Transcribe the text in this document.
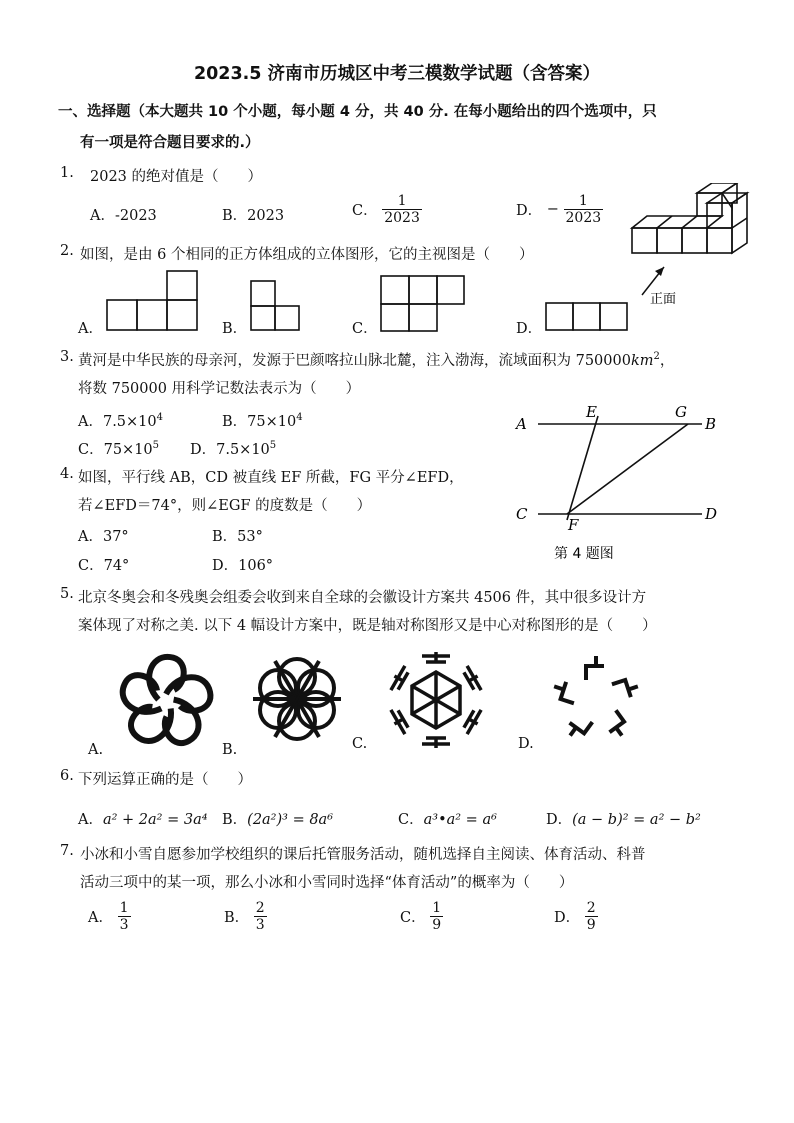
2023.5 济南市历城区中考三模数学试题（含答案）
一、选择题（本大题共 10 个小题，每小题 4 分，共 40 分. 在每小题给出的四个选项中，只
有一项是符合题目要求的.）
1. 2023 的绝对值是（　　）
A．-2023	B．2023	C． $\frac{1}{2023}$	D． − $\frac{1}{2023}$
正面
2. 如图，是由 6 个相同的正方体组成的立体图形，它的主视图是（　　）
A．	B．	C．	D．
3. 黄河是中华民族的母亲河，发源于巴颜喀拉山脉北麓，注入渤海，流域面积为 $750000km^2$，
将数 750000 用科学记数法表示为（　　）
A．$7.5\times 10^4$	B．$75\times 10^4$
C．$75\times 10^5$ D．$7.5\times 10^5$
A
E	G
B
C
F
D
第 4 题图
4. 如图，平行线 AB，CD 被直线 EF 所截，FG 平分∠EFD，
若∠EFD＝74°，则∠EGF 的度数是（　　）
A．37°	B．53°
C．74°	D．106°
5. 北京冬奥会和冬残奥会组委会收到来自全球的会徽设计方案共 4506 件，其中很多设计方
案体现了对称之美. 以下 4 幅设计方案中，既是轴对称图形又是中心对称图形的是（　　）
A.	B.	C.	D.
6. 下列运算正确的是（　　）
A．a² + 2a² = 3a⁴ B．(2a²)³ = 8a⁶	C．a³•a² = a⁶	D．(a − b)² = a² − b²
7. 小冰和小雪自愿参加学校组织的课后托管服务活动，随机选择自主阅读、体育活动、科普
活动三项中的某一项，那么小冰和小雪同时选择“体育活动”的概率为（　　）
A． $\frac{1}{3}$	B． $\frac{2}{3}$	C． $\frac{1}{9}$	D． $\frac{2}{9}$
